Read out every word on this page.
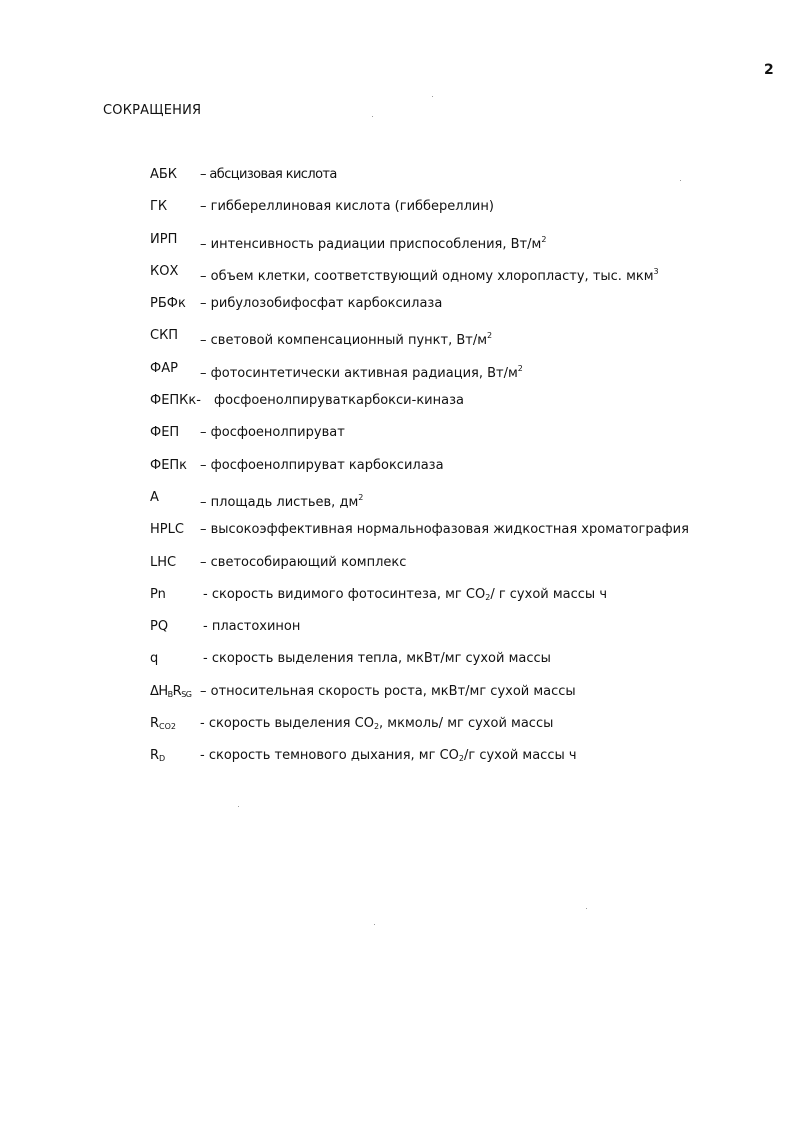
2
СОКРАЩЕНИЯ
АБК – абсцизовая кислота
ГК	– гибберeллиновая кислота (гиббереллин)
ИРП – интенсивность радиации приспособления, $Вт/м^2$
КОХ – объем клетки, соответствующий одному хлоропласту, тыс. мкм$^3$
РБФк – рибулозобифосфат карбоксилаза
СКП – световой компенсационный пункт, $Вт/м^2$
ФАР – фотосинтетически активная радиация, $Вт/м^2$
ФЕПКк- фосфоенолпируваткарбокси-киназа
ФЕП – фосфоенолпируват
ФЕПк – фосфоенолпируват карбоксилаза
А	– площадь листьев, $дм^2$
HPLC – высокоэффективная нормальнофазовая жидкостная хроматография
LHC – светособирающий комплекс
Pn	- скорость видимого фотосинтеза, мг $CO_2/$ г сухой массы ч
PQ	- пластохинон
q	- скорость выделения тепла, мкВт/мг сухой массы
$\Delta H_BR_{SG}$ – относительная скорость роста, мкВт/мг сухой массы
$R_{CO2}$ - скорость выделения $CO_2$, мкмоль/ мг сухой массы
$R_D$	- скорость темнового дыхания, мг $CO_2/г$ сухой массы ч
